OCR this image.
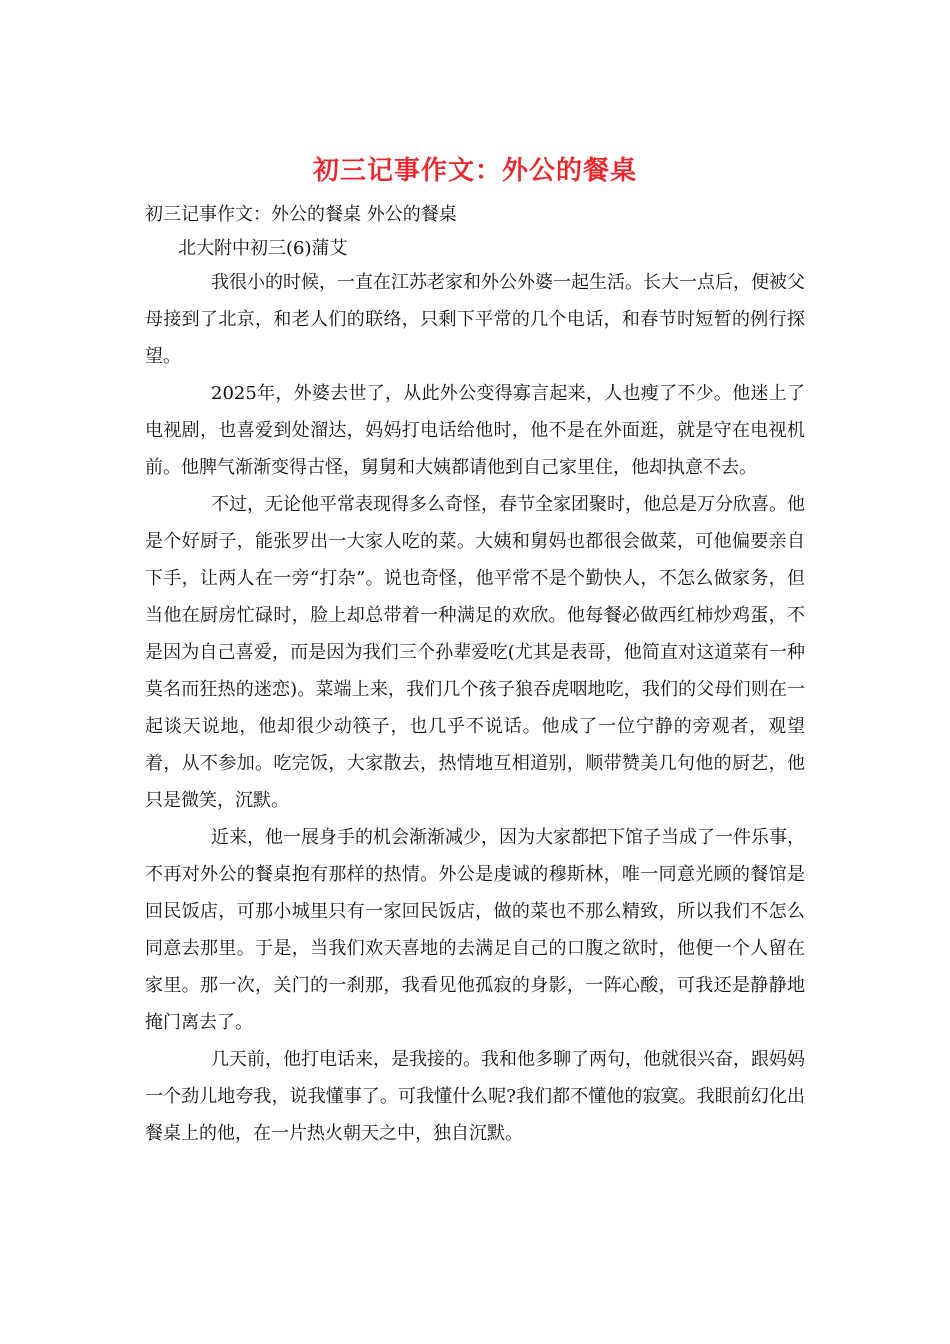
初三记事作文：外公的餐桌

初三记事作文：外公的餐桌 外公的餐桌

北大附中初三(6)蒲艾

我很小的时候，一直在江苏老家和外公外婆一起生活。长大一点后，便被父母接到了北京，和老人们的联络，只剩下平常的几个电话，和春节时短暂的例行探望。

2025年，外婆去世了，从此外公变得寡言起来，人也瘦了不少。他迷上了电视剧，也喜爱到处溜达，妈妈打电话给他时，他不是在外面逛，就是守在电视机前。他脾气渐渐变得古怪，舅舅和大姨都请他到自己家里住，他却执意不去。

不过，无论他平常表现得多么奇怪，春节全家团聚时，他总是万分欣喜。他是个好厨子，能张罗出一大家人吃的菜。大姨和舅妈也都很会做菜，可他偏要亲自下手，让两人在一旁“打杂”。说也奇怪，他平常不是个勤快人，不怎么做家务，但当他在厨房忙碌时，脸上却总带着一种满足的欢欣。他每餐必做西红柿炒鸡蛋，不是因为自己喜爱，而是因为我们三个孙辈爱吃(尤其是表哥，他简直对这道菜有一种莫名而狂热的迷恋)。菜端上来，我们几个孩子狼吞虎咽地吃，我们的父母们则在一起谈天说地，他却很少动筷子，也几乎不说话。他成了一位宁静的旁观者，观望着，从不参加。吃完饭，大家散去，热情地互相道别，顺带赞美几句他的厨艺，他只是微笑，沉默。

近来，他一展身手的机会渐渐减少，因为大家都把下馆子当成了一件乐事，不再对外公的餐桌抱有那样的热情。外公是虔诚的穆斯林，唯一同意光顾的餐馆是回民饭店，可那小城里只有一家回民饭店，做的菜也不那么精致，所以我们不怎么同意去那里。于是，当我们欢天喜地的去满足自己的口腹之欲时，他便一个人留在家里。那一次，关门的一刹那，我看见他孤寂的身影，一阵心酸，可我还是静静地掩门离去了。

几天前，他打电话来，是我接的。我和他多聊了两句，他就很兴奋，跟妈妈一个劲儿地夸我，说我懂事了。可我懂什么呢?我们都不懂他的寂寞。我眼前幻化出餐桌上的他，在一片热火朝天之中，独自沉默。
